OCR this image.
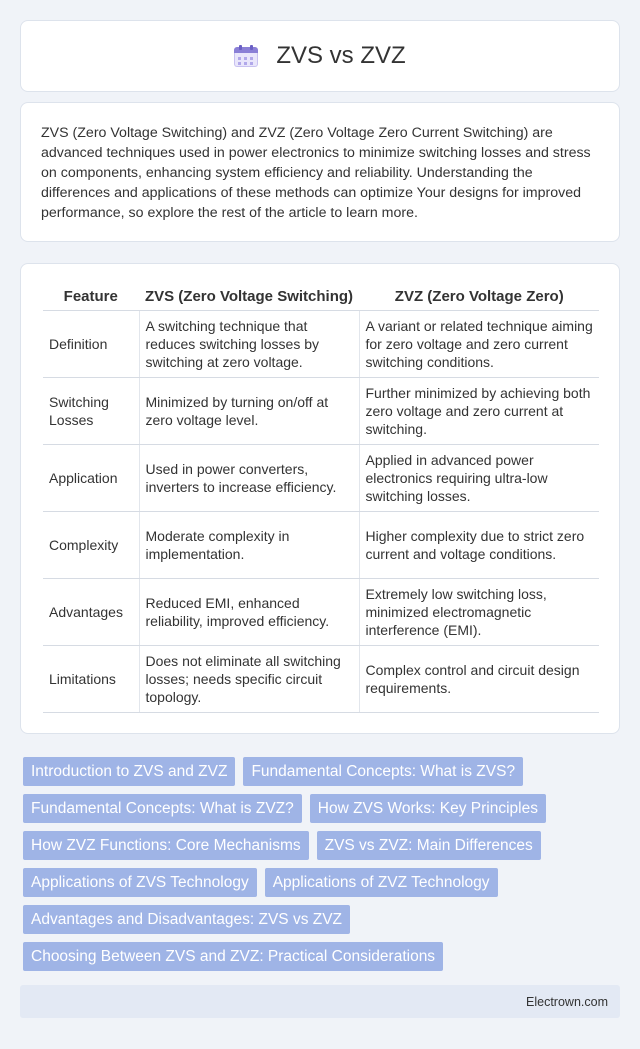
ZVS vs ZVZ

ZVS (Zero Voltage Switching) and ZVZ (Zero Voltage Zero Current Switching) are advanced techniques used in power electronics to minimize switching losses and stress on components, enhancing system efficiency and reliability. Understanding the differences and applications of these methods can optimize Your designs for improved performance, so explore the rest of the article to learn more.

Feature	ZVS (Zero Voltage Switching)	ZVZ (Zero Voltage Zero)
Definition	A switching technique that reduces switching losses by switching at zero voltage.	A variant or related technique aiming for zero voltage and zero current switching conditions.
Switching Losses	Minimized by turning on/off at zero voltage level.	Further minimized by achieving both zero voltage and zero current at switching.
Application	Used in power converters, inverters to increase efficiency.	Applied in advanced power electronics requiring ultra-low switching losses.
Complexity	Moderate complexity in implementation.	Higher complexity due to strict zero current and voltage conditions.
Advantages	Reduced EMI, enhanced reliability, improved efficiency.	Extremely low switching loss, minimized electromagnetic interference (EMI).
Limitations	Does not eliminate all switching losses; needs specific circuit topology.	Complex control and circuit design requirements.
Introduction to ZVS and ZVZ	Fundamental Concepts: What is ZVS?
Fundamental Concepts: What is ZVZ?	How ZVS Works: Key Principles
How ZVZ Functions: Core Mechanisms	ZVS vs ZVZ: Main Differences
Applications of ZVS Technology	Applications of ZVZ Technology
Advantages and Disadvantages: ZVS vs ZVZ
Choosing Between ZVS and ZVZ: Practical Considerations
Electrown.com
